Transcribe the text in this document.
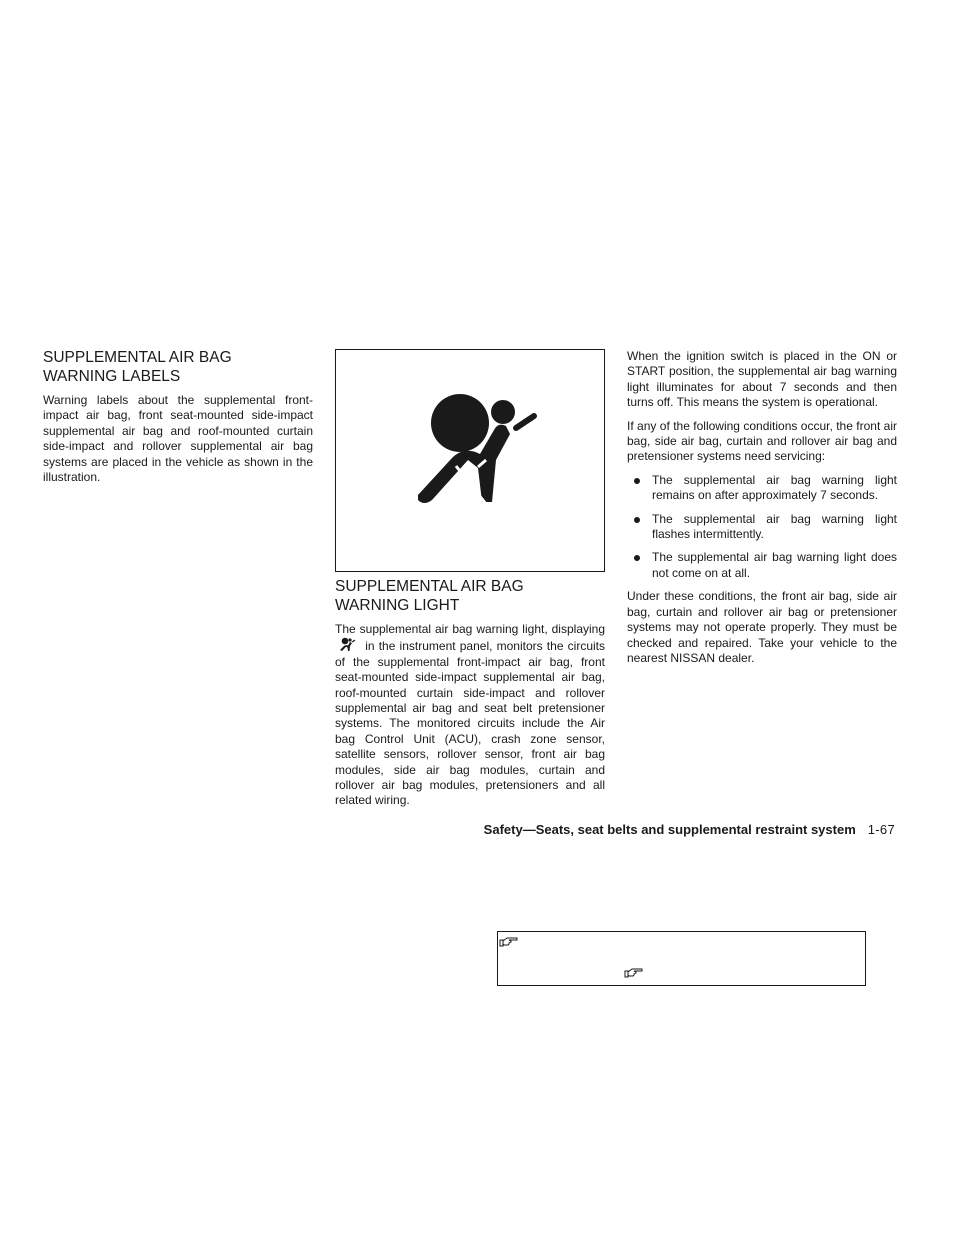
SUPPLEMENTAL AIR BAG
WARNING LABELS

Warning labels about the supplemental front-impact air bag, front seat-mounted side-impact supplemental air bag and roof-mounted curtain side-impact and rollover supplemental air bag systems are placed in the vehicle as shown in the illustration.

SUPPLEMENTAL AIR BAG
WARNING LIGHT

The supplemental air bag warning light, displaying  in the instrument panel, monitors the circuits of the supplemental front-impact air bag, front seat-mounted side-impact supplemental air bag, roof-mounted curtain side-impact and rollover supplemental air bag and seat belt pretensioner systems. The monitored circuits include the Air bag Control Unit (ACU), crash zone sensor, satellite sensors, rollover sensor, front air bag modules, side air bag modules, curtain and rollover air bag modules, pretensioners and all related wiring.

When the ignition switch is placed in the ON or START position, the supplemental air bag warning light illuminates for about 7 seconds and then turns off. This means the system is operational.

If any of the following conditions occur, the front air bag, side air bag, curtain and rollover air bag and pretensioner systems need servicing:

The supplemental air bag warning light remains on after approximately 7 seconds.
The supplemental air bag warning light flashes intermittently.
The supplemental air bag warning light does not come on at all.

Under these conditions, the front air bag, side air bag, curtain and rollover air bag or pretensioner systems may not operate properly. They must be checked and repaired. Take your vehicle to the nearest NISSAN dealer.

Safety—Seats, seat belts and supplemental restraint system 1-67
